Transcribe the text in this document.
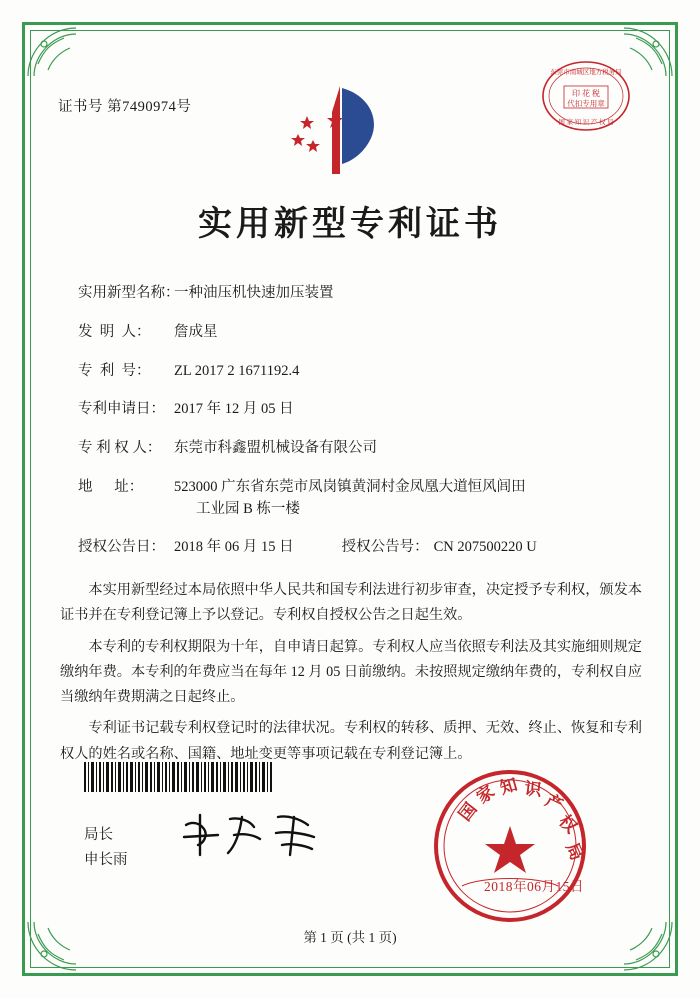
证书号 第7490974号
印 花 税
代扣专用章
东莞市南城区地方税务局
国 家 知 识 产 权 局
实用新型专利证书
实用新型名称：
一种油压机快速加压装置
发  明  人：	詹成星
专  利  号：	ZL 2017 2 1671192.4
专利申请日： 2017 年 12 月 05 日
专 利 权 人： 东莞市科鑫盟机械设备有限公司
地      址：	523000 广东省东莞市凤岗镇黄洞村金凤凰大道恒风闾田
工业园 B 栋一楼
授权公告日： 2018 年 06 月 15 日	授权公告号： CN 207500220 U

本实用新型经过本局依照中华人民共和国专利法进行初步审查，决定授予专利权，颁发本证书并在专利登记簿上予以登记。专利权自授权公告之日起生效。

本专利的专利权期限为十年，自申请日起算。专利权人应当依照专利法及其实施细则规定缴纳年费。本专利的年费应当在每年 12 月 05 日前缴纳。未按照规定缴纳年费的，专利权自应当缴纳年费期满之日起终止。

专利证书记载专利权登记时的法律状况。专利权的转移、质押、无效、终止、恢复和专利权人的姓名或名称、国籍、地址变更等事项记载在专利登记簿上。

局长
申长雨
国
家 知 识
产
权
局
2018年06月15日
第 1 页 (共 1 页)
